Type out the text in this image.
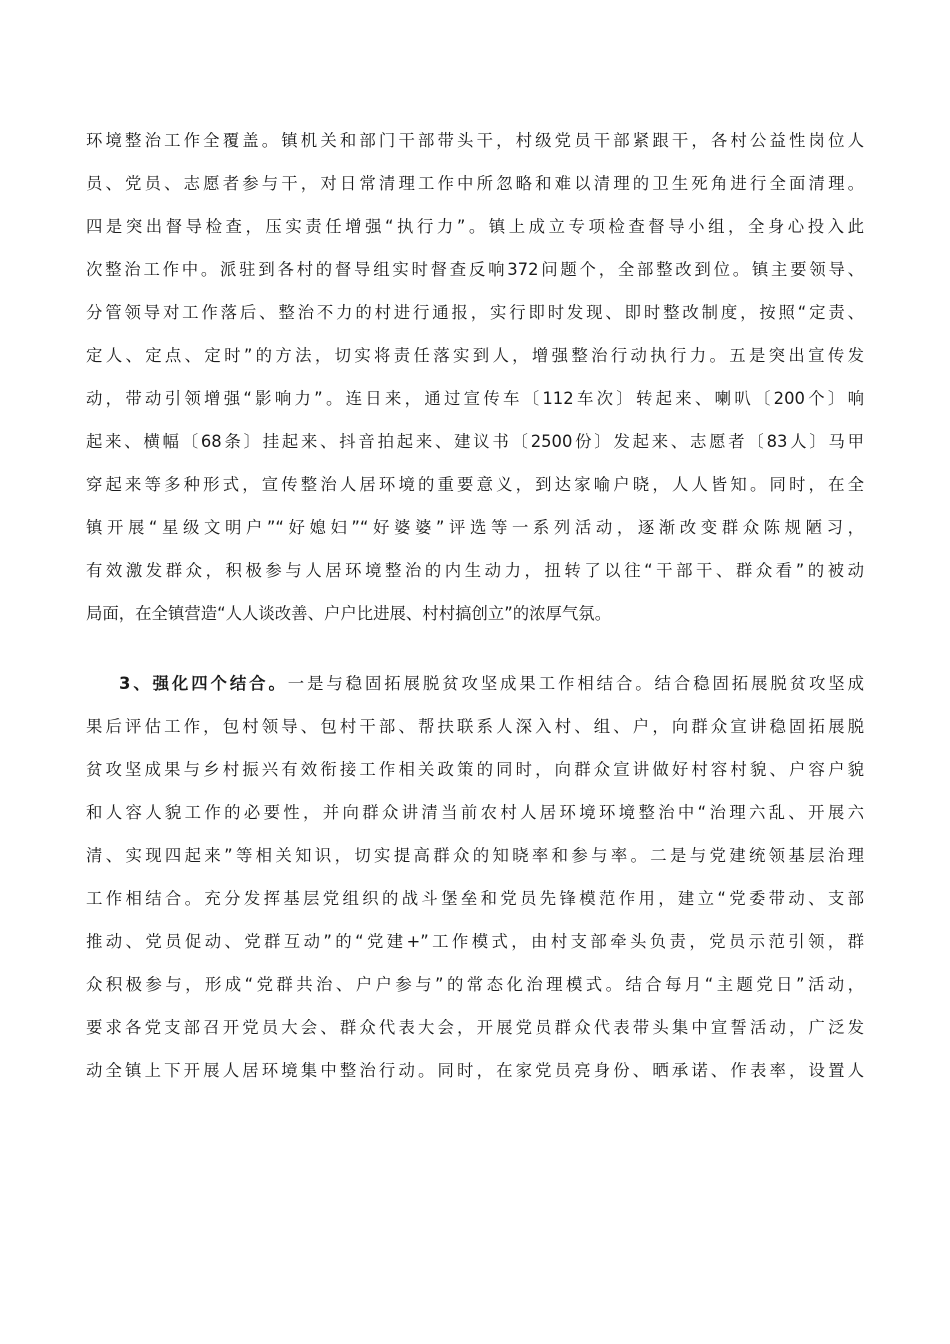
环境整治工作全覆盖。镇机关和部门干部带头干，村级党员干部紧跟干，各村公益性岗位人
员、党员、志愿者参与干，对日常清理工作中所忽略和难以清理的卫生死角进行全面清理。
四是突出督导检查，压实责任增强“执行力”。镇上成立专项检查督导小组，全身心投入此
次整治工作中。派驻到各村的督导组实时督查反响372问题个，全部整改到位。镇主要领导、
分管领导对工作落后、整治不力的村进行通报，实行即时发现、即时整改制度，按照“定责、
定人、定点、定时”的方法，切实将责任落实到人，增强整治行动执行力。五是突出宣传发
动，带动引领增强“影响力”。连日来，通过宣传车〔112车次〕转起来、喇叭〔200个〕响
起来、横幅〔68条〕挂起来、抖音拍起来、建议书〔2500份〕发起来、志愿者〔83人〕马甲
穿起来等多种形式，宣传整治人居环境的重要意义，到达家喻户晓，人人皆知。同时，在全
镇开展“星级文明户”“好媳妇”“好婆婆”评选等一系列活动，逐渐改变群众陈规陋习，
有效激发群众，积极参与人居环境整治的内生动力，扭转了以往“干部干、群众看”的被动
局面，在全镇营造“人人谈改善、户户比进展、村村搞创立”的浓厚气氛。
3、强化四个结合。一是与稳固拓展脱贫攻坚成果工作相结合。结合稳固拓展脱贫攻坚成
果后评估工作，包村领导、包村干部、帮扶联系人深入村、组、户，向群众宣讲稳固拓展脱
贫攻坚成果与乡村振兴有效衔接工作相关政策的同时，向群众宣讲做好村容村貌、户容户貌
和人容人貌工作的必要性，并向群众讲清当前农村人居环境环境整治中“治理六乱、开展六
清、实现四起来”等相关知识，切实提高群众的知晓率和参与率。二是与党建统领基层治理
工作相结合。充分发挥基层党组织的战斗堡垒和党员先锋模范作用，建立“党委带动、支部
推动、党员促动、党群互动”的“党建+”工作模式，由村支部牵头负责，党员示范引领，群
众积极参与，形成“党群共治、户户参与”的常态化治理模式。结合每月“主题党日”活动，
要求各党支部召开党员大会、群众代表大会，开展党员群众代表带头集中宣誓活动，广泛发
动全镇上下开展人居环境集中整治行动。同时，在家党员亮身份、晒承诺、作表率，设置人
